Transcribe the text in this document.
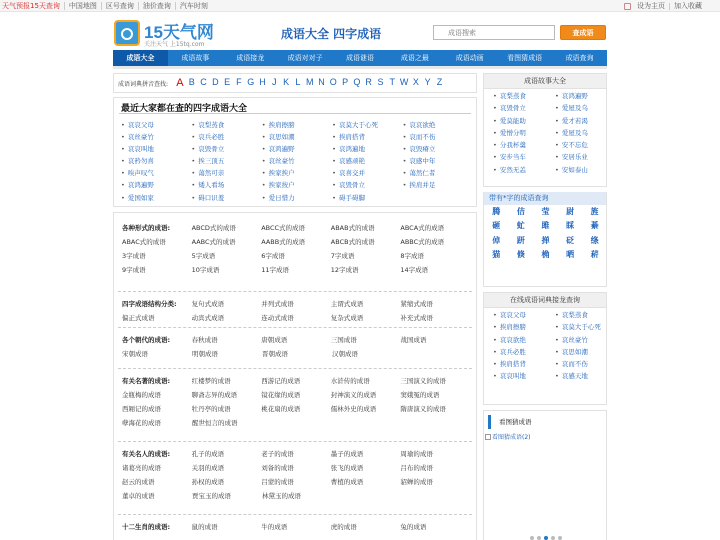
天气预报15天查询	中国地图	区号查询	油价查询	汽车时刻	设为主页	加入收藏
15天气网
关注天气 上15tq.com
成语大全 四字成语
成语搜索	查成语
成语大全	成语故事	成语接龙	成语对对子	成语谜语	成语之最	成语动画	看图猜成语	成语查询
成语词典拼音查找: A B C D E F G H J K L M N O P Q R S T W X Y Z
最近大家都在查的四字成语大全
• 哀哀父母	• 哀梨蒸食	• 挨肩擦膀	• 哀莫大于心死	• 哀哀欲绝
• 哀丝豪竹	• 哀兵必胜	• 哀思如潮	• 挨肩搭背	• 哀而不伤
• 哀哀叫地	• 哀毁骨立	• 哀鸿遍野	• 哀鸿遍地	• 哀毁瘠立
• 哀矜勿喜	• 挨三顶五	• 哀丝豪竹	• 哀感顽艳	• 哀感中年
• 唉声叹气	• 蔼然可亲	• 挨家挨户	• 哀喜交并	• 蔼然仁者
• 哀鸿遍野	• 矮人看场	• 挨家按户	• 哀毁骨立	• 挨肩并足
• 爱国如家	• 碍口识羞	• 爱日惜力	• 碍手碍脚
各种形式的成语:	ABCD式的成语	ABCC式的成语	ABAB式的成语	ABCA式的成语
ABAC式的成语	AABC式的成语	AABB式的成语	ABCB式的成语	ABBC式的成语
3字成语	5字成语	6字成语	7字成语	8字成语
9字成语	10字成语	11字成语	12字成语	14字成语
四字成语结构分类:	复句式成语	并列式成语	主谓式成语	紧缩式成语
偏正式成语	动宾式成语	连动式成语	复杂式成语	补充式成语
各个朝代的成语:	春秋成语	唐朝成语	三国成语	战国成语
宋朝成语	明朝成语	晋朝成语	汉朝成语
有关名著的成语:	红楼梦的成语	西游记的成语	水浒传的成语	三国演义的成语
金瓶梅的成语	聊斋志异的成语	镜花缘的成语	封神演义的成语	窦娥冤的成语
西厢记的成语	牡丹亭的成语	桃花扇的成语	儒林外史的成语	隋唐演义的成语
孽海花的成语	醒世恒言的成语
有关名人的成语:	孔子的成语	老子的成语	墨子的成语	周瑜的成语
诸葛亮的成语	关羽的成语	刘备的成语	张飞的成语	吕布的成语
赵云的成语	孙权的成语	吕蒙的成语	曹植的成语	貂蝉的成语
董卓的成语	贾宝玉的成语	林黛玉的成语
十二生肖的成语:	鼠的成语	牛的成语	虎的成语	兔的成语
成语故事大全
• 哀梨蒸食	• 哀鸿遍野
• 哀毁骨立	• 爱屋及乌
• 爱莫能助	• 爱才若渴
• 爱憎分明	• 爱屋及乌
• 分我杯羹	• 安不忘危
• 安步当车	• 安居乐业
• 安然无恙	• 安如泰山
带有*字的成语查询
腾	佶	莹	尉	旌
砸	虻	雎	睬	綦
倬	趼	掸	砭	绦
猫	倏	桷	哂	菥
在线成语词典接龙查询
• 哀哀父母	• 哀梨蒸食
• 挨肩擦膀	• 哀莫大于心死
• 哀哀欲绝	• 哀丝豪竹
• 哀兵必胜	• 哀思如潮
• 挨肩搭背	• 哀而不伤
• 哀哀叫地	• 哀感天地
看图猜成语
看图猜成语(2)
